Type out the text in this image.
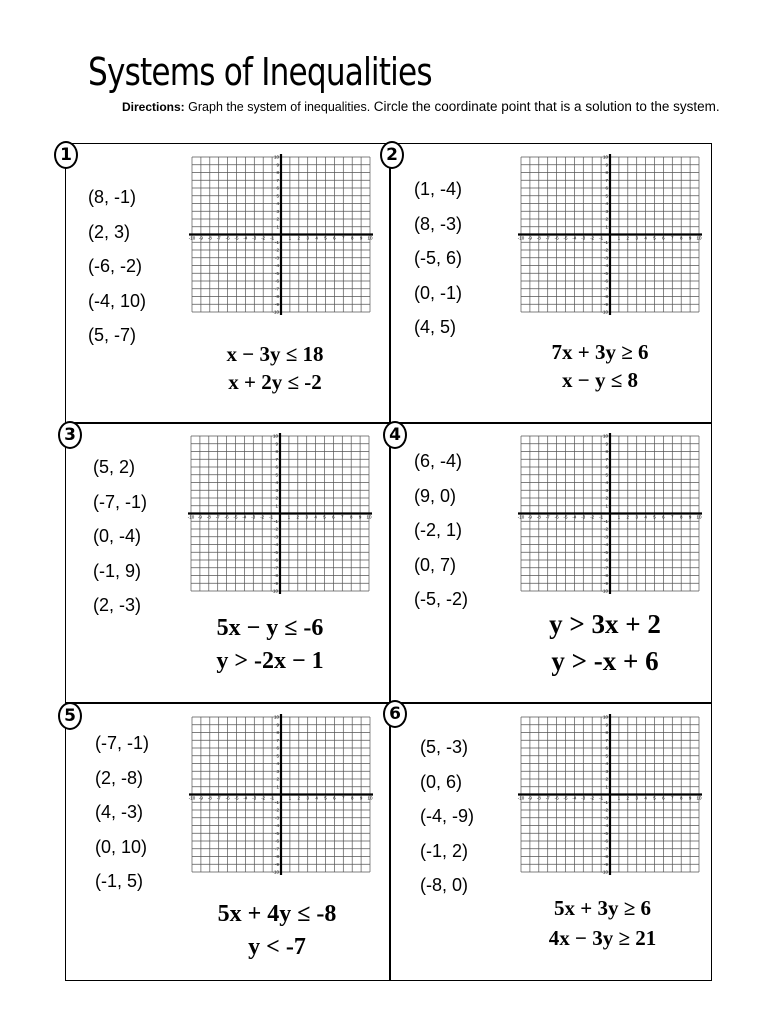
Systems of Inequalities
Directions: Graph the system of inequalities. Circle the coordinate point that is a solution to the system.
1
(8, -1)
(2, 3)
(-6, -2)
(-4, 10)
(5, -7)
-10
-10
-9
-9
-8
-8
-7
-7
-6
-6
-5
-5
-4
-4
-3
-3
-2
-2
-1
-1
1
1
2
2
3
3
4
4
5
5
6
6
7
7
8
8
9
9
10
10
x − 3y ≤ 18
x + 2y ≤ -2
2
(1, -4)
(8, -3)
(-5, 6)
(0, -1)
(4, 5)
-10
-10
-9
-9
-8
-8
-7
-7
-6
-6
-5
-5
-4
-4
-3
-3
-2
-2
-1
-1
1
1
2
2
3
3
4
4
5
5
6
6
7
7
8
8
9
9
10
10
7x + 3y ≥ 6
x − y ≤ 8
3
(5, 2)
(-7, -1)
(0, -4)
(-1, 9)
(2, -3)
-10
-10
-9
-9
-8
-8
-7
-7
-6
-6
-5
-5
-4
-4
-3
-3
-2
-2
-1
-1
1
1
2
2
3
3
4
4
5
5
6
6
7
7
8
8
9
9
10
10
5x − y ≤ -6
y > -2x − 1
4
(6, -4)
(9, 0)
(-2, 1)
(0, 7)
(-5, -2)
-10
-10
-9
-9
-8
-8
-7
-7
-6
-6
-5
-5
-4
-4
-3
-3
-2
-2
-1
-1
1
1
2
2
3
3
4
4
5
5
6
6
7
7
8
8
9
9
10
10
y > 3x + 2
y > -x + 6
5
(-7, -1)
(2, -8)
(4, -3)
(0, 10)
(-1, 5)
-10
-10
-9
-9
-8
-8
-7
-7
-6
-6
-5
-5
-4
-4
-3
-3
-2
-2
-1
-1
1
1
2
2
3
3
4
4
5
5
6
6
7
7
8
8
9
9
10
10
5x + 4y ≤ -8
y < -7
6
(5, -3)
(0, 6)
(-4, -9)
(-1, 2)
(-8, 0)
-10
-10
-9
-9
-8
-8
-7
-7
-6
-6
-5
-5
-4
-4
-3
-3
-2
-2
-1
-1
1
1
2
2
3
3
4
4
5
5
6
6
7
7
8
8
9
9
10
10
5x + 3y ≥ 6
4x − 3y ≥ 21
